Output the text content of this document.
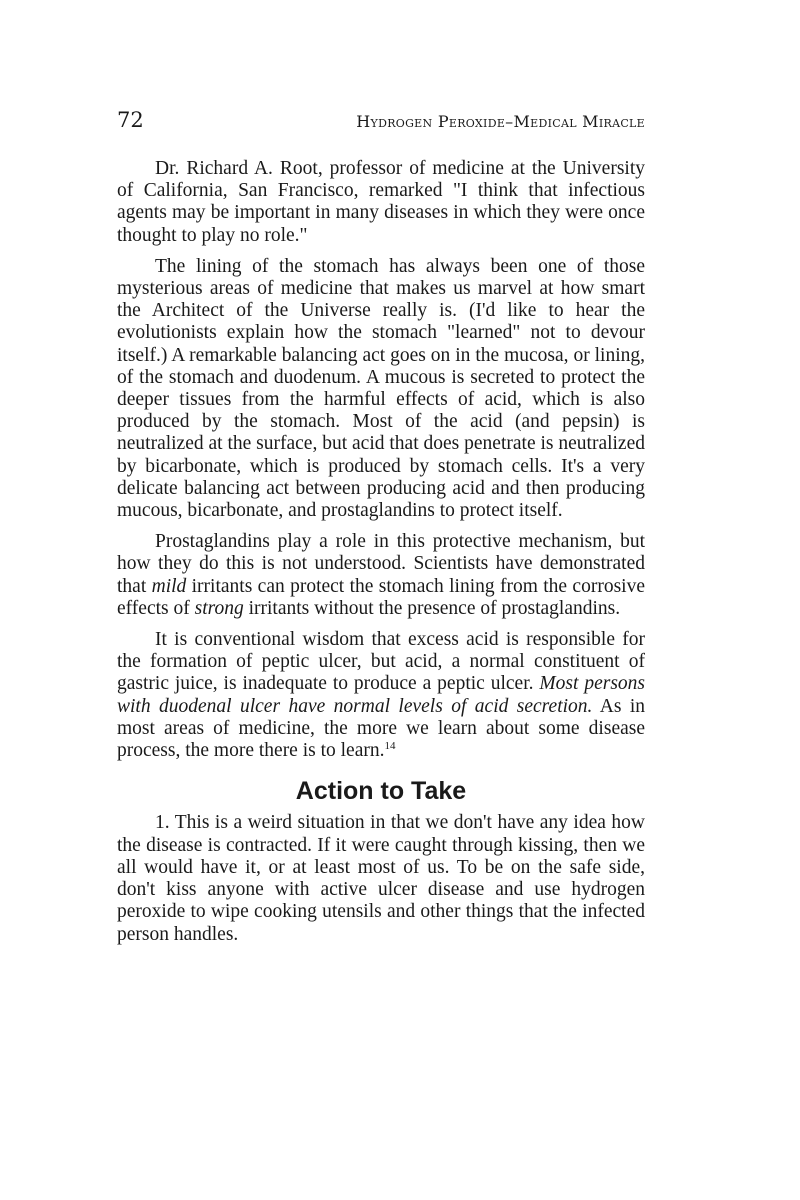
72	Hydrogen Peroxide–Medical Miracle

Dr. Richard A. Root, professor of medicine at the University of California, San Francisco, remarked "I think that infectious agents may be important in many diseases in which they were once thought to play no role."

The lining of the stomach has always been one of those mysterious areas of medicine that makes us marvel at how smart the Architect of the Universe really is. (I'd like to hear the evolutionists explain how the stomach "learned" not to devour itself.) A remarkable balancing act goes on in the mucosa, or lining, of the stomach and duodenum. A mucous is secreted to protect the deeper tissues from the harmful effects of acid, which is also produced by the stomach. Most of the acid (and pepsin) is neutralized at the surface, but acid that does penetrate is neutralized by bicarbonate, which is produced by stomach cells. It's a very delicate balancing act between producing acid and then producing mucous, bicarbonate, and prostaglandins to protect itself.

Prostaglandins play a role in this protective mechanism, but how they do this is not understood. Scientists have demonstrated that mild irritants can protect the stomach lining from the corrosive effects of strong irritants without the presence of prostaglandins.

It is conventional wisdom that excess acid is responsible for the formation of peptic ulcer, but acid, a normal constituent of gastric juice, is inadequate to produce a peptic ulcer. Most persons with duodenal ulcer have normal levels of acid secretion. As in most areas of medicine, the more we learn about some disease process, the more there is to learn.$^{14}$

Action to Take

1. This is a weird situation in that we don't have any idea how the disease is contracted. If it were caught through kissing, then we all would have it, or at least most of us. To be on the safe side, don't kiss anyone with active ulcer disease and use hydrogen peroxide to wipe cooking utensils and other things that the infected person handles.
